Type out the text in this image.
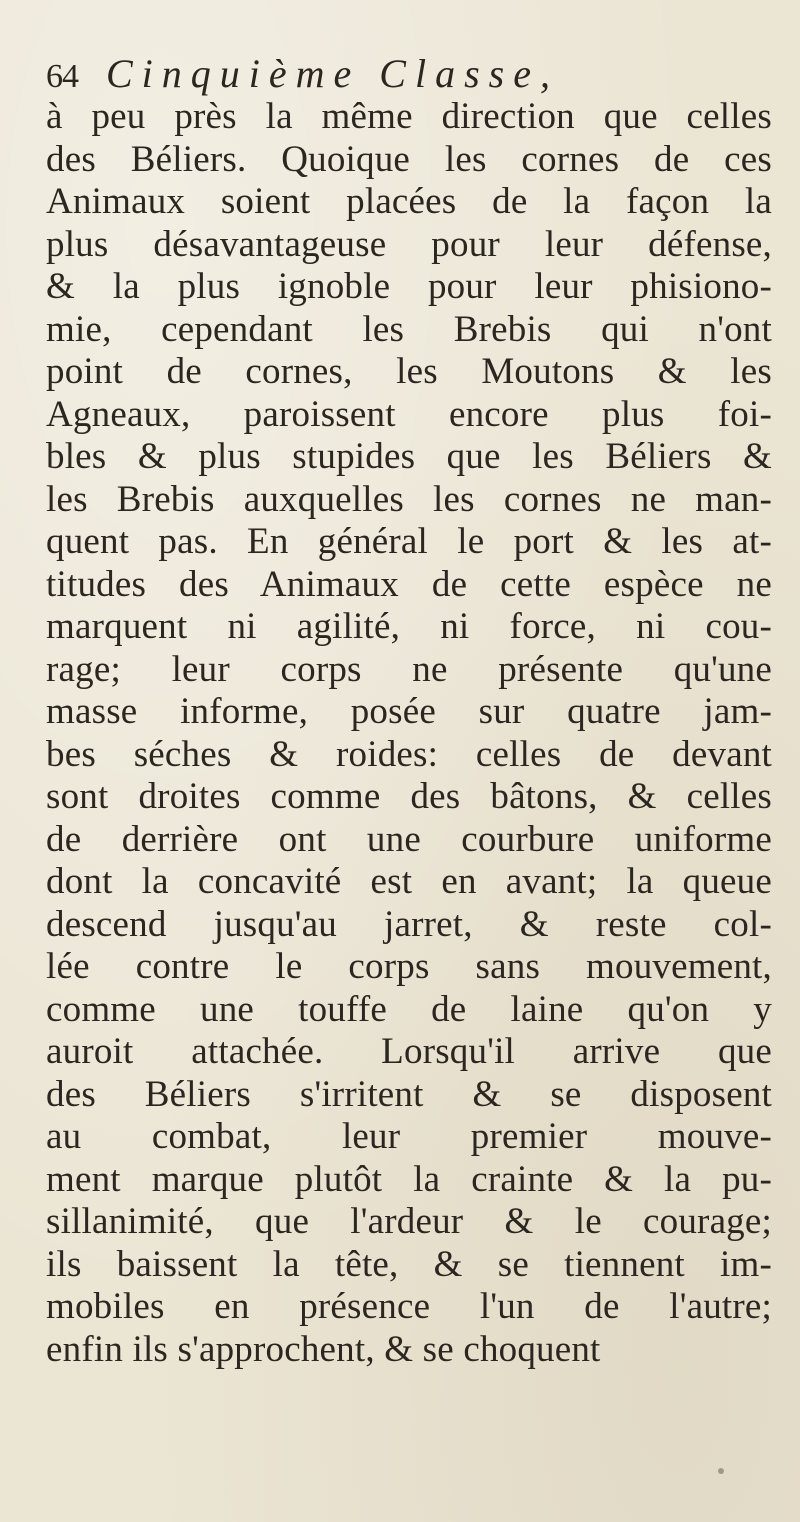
64 Cinquième Classe,
à peu près la même direction que celles
des Béliers. Quoique les cornes de ces
Animaux soient placées de la façon la
plus désavantageuse pour leur défense,
& la plus ignoble pour leur phisiono-
mie, cependant les Brebis qui n'ont
point de cornes, les Moutons & les
Agneaux, paroissent encore plus foi-
bles & plus stupides que les Béliers &
les Brebis auxquelles les cornes ne man-
quent pas. En général le port & les at-
titudes des Animaux de cette espèce ne
marquent ni agilité, ni force, ni cou-
rage; leur corps ne présente qu'une
masse informe, posée sur quatre jam-
bes séches & roides: celles de devant
sont droites comme des bâtons, & celles
de derrière ont une courbure uniforme
dont la concavité est en avant; la queue
descend jusqu'au jarret, & reste col-
lée contre le corps sans mouvement,
comme une touffe de laine qu'on y
auroit attachée. Lorsqu'il arrive que
des Béliers s'irritent & se disposent
au combat, leur premier mouve-
ment marque plutôt la crainte & la pu-
sillanimité, que l'ardeur & le courage;
ils baissent la tête, & se tiennent im-
mobiles en présence l'un de l'autre;
enfin ils s'approchent, & se choquent
